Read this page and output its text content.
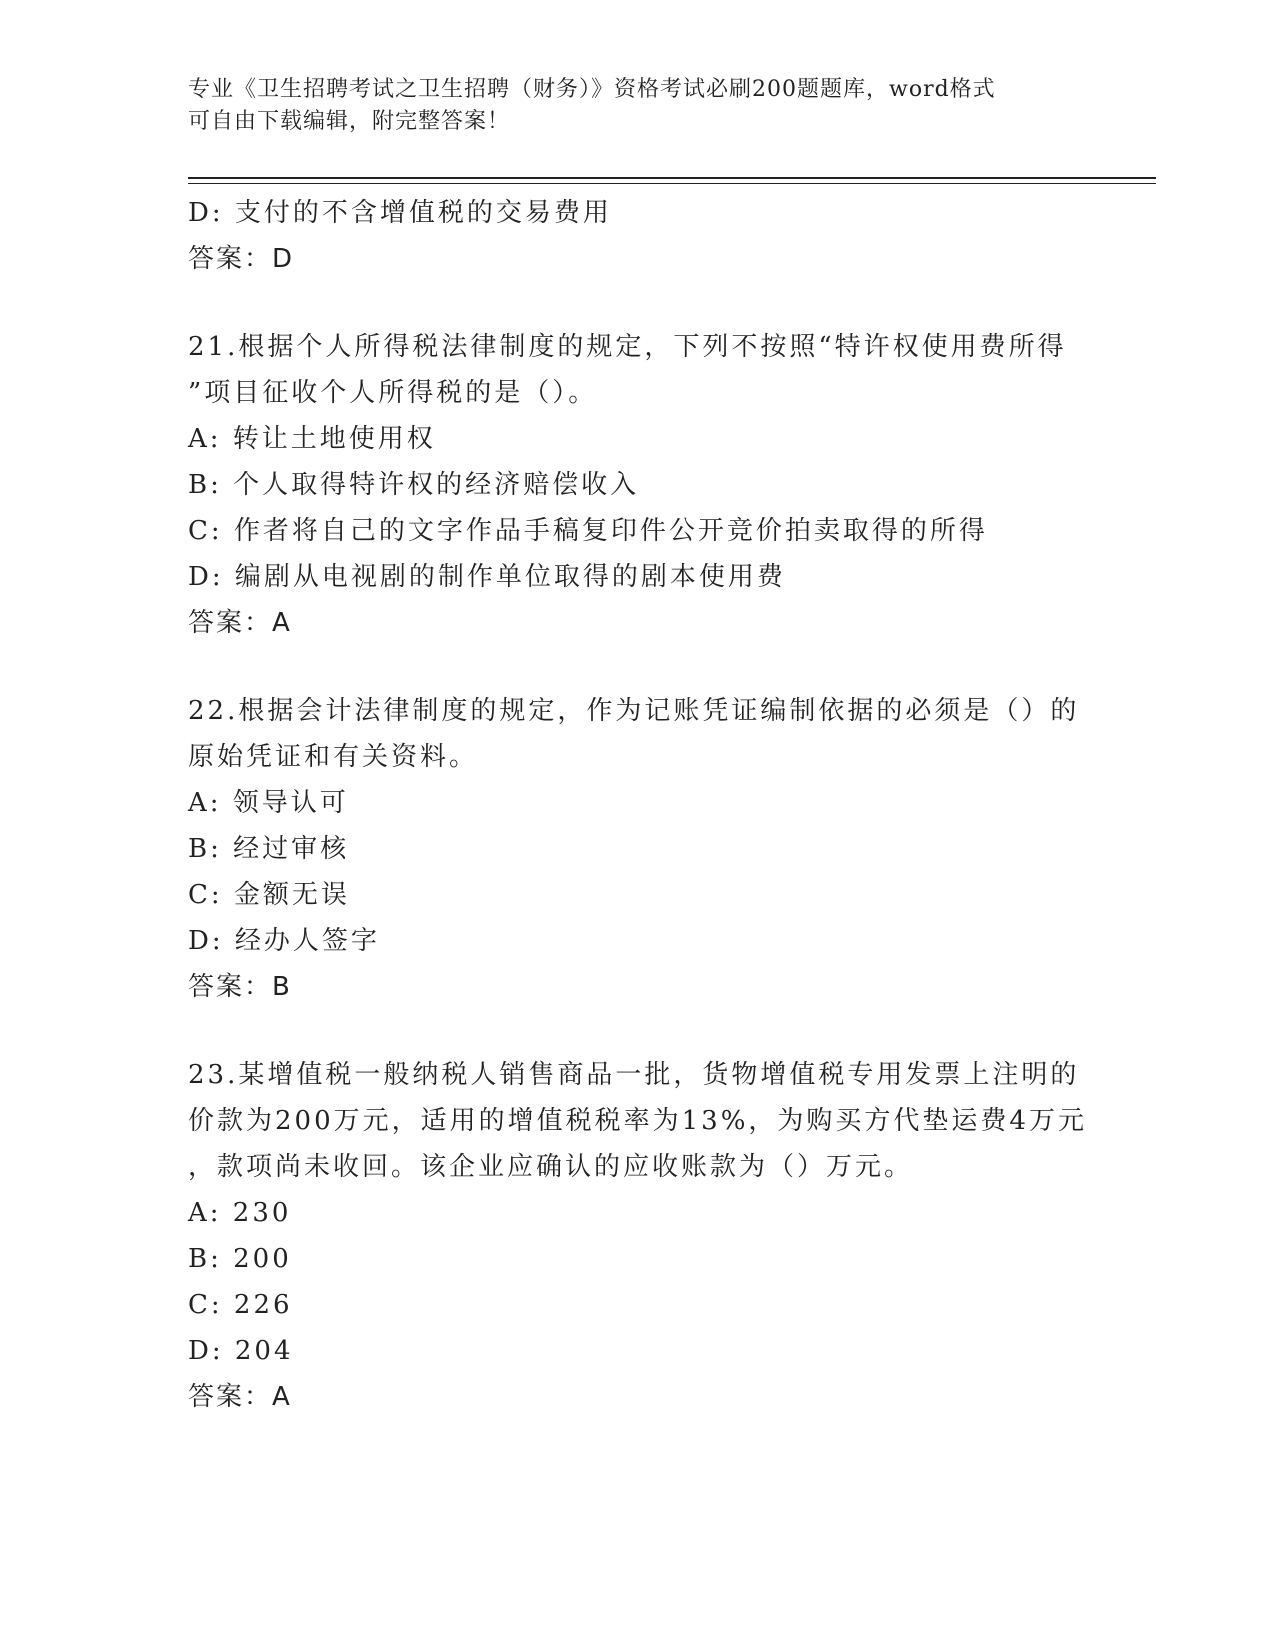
专业《卫生招聘考试之卫生招聘（财务）》资格考试必刷200题题库，word格式
可自由下载编辑，附完整答案！
D: 支付的不含增值税的交易费用
答案：D
21.根据个人所得税法律制度的规定，下列不按照“特许权使用费所得
”项目征收个人所得税的是（）。
A: 转让土地使用权
B: 个人取得特许权的经济赔偿收入
C: 作者将自己的文字作品手稿复印件公开竞价拍卖取得的所得
D: 编剧从电视剧的制作单位取得的剧本使用费
答案：A
22.根据会计法律制度的规定，作为记账凭证编制依据的必须是（）的
原始凭证和有关资料。
A: 领导认可
B: 经过审核
C: 金额无误
D: 经办人签字
答案：B
23.某增值税一般纳税人销售商品一批，货物增值税专用发票上注明的
价款为200万元，适用的增值税税率为13%，为购买方代垫运费4万元
，款项尚未收回。该企业应确认的应收账款为（）万元。
A: 230
B: 200
C: 226
D: 204
答案：A
